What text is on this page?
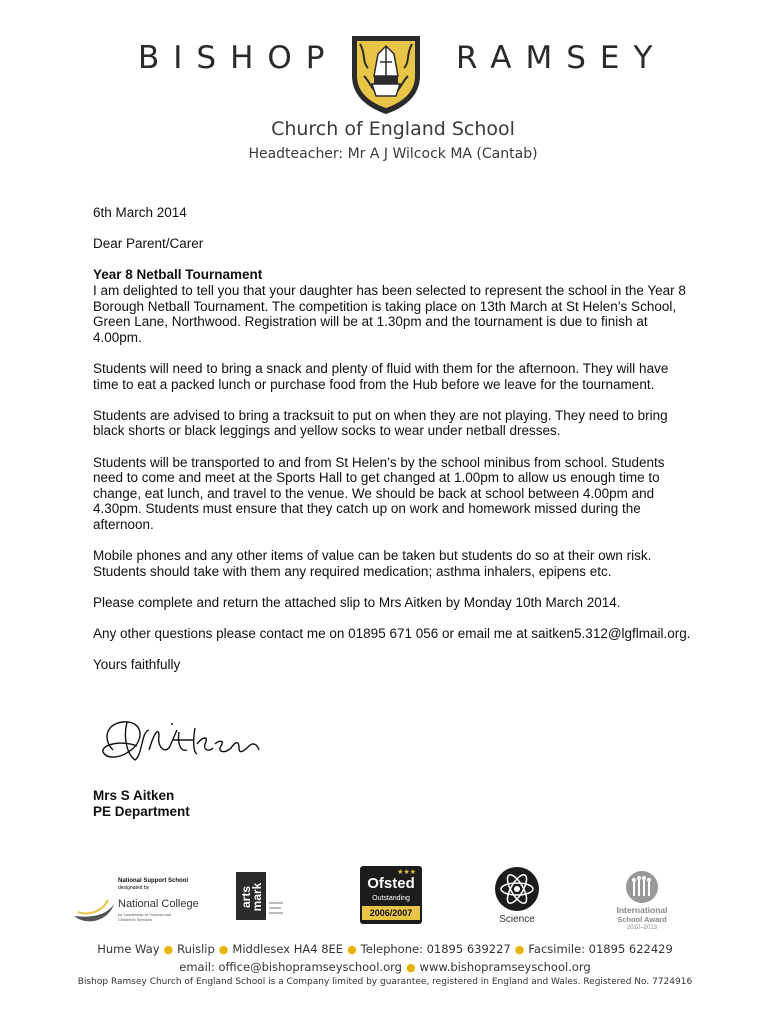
BISHOP	RAMSEY
Church of England School
Headteacher: Mr A J Wilcock MA (Cantab)

6th March 2014

Dear Parent/Carer

Year 8 Netball Tournament

I am delighted to tell you that your daughter has been selected to represent the school in the Year 8 Borough Netball Tournament. The competition is taking place on 13th March at St Helen’s School, Green Lane, Northwood. Registration will be at 1.30pm and the tournament is due to finish at 4.00pm.

Students will need to bring a snack and plenty of fluid with them for the afternoon. They will have time to eat a packed lunch or purchase food from the Hub before we leave for the tournament.

Students are advised to bring a tracksuit to put on when they are not playing. They need to bring black shorts or black leggings and yellow socks to wear under netball dresses.

Students will be transported to and from St Helen’s by the school minibus from school. Students need to come and meet at the Sports Hall to get changed at 1.00pm to allow us enough time to change, eat lunch, and travel to the venue. We should be back at school between 4.00pm and 4.30pm. Students must ensure that they catch up on work and homework missed during the afternoon.

Mobile phones and any other items of value can be taken but students do so at their own risk. Students should take with them any required medication; asthma inhalers, epipens etc.

Please complete and return the attached slip to Mrs Aitken by Monday 10th March 2014.

Any other questions please contact me on 01895 671 056 or email me at saitken5.312@lgflmail.org.

Yours faithfully

Mrs S Aitken
PE Department
National Support School
designated by
National College
for Leadership of Schools and Children's Services
arts
mark
★★★
Ofsted
Outstanding
2006/2007
Science
International
School Award
2010–2013
Hume Way ● Ruislip ● Middlesex HA4 8EE ● Telephone: 01895 639227 ● Facsimile: 01895 622429
email: office@bishopramseyschool.org ● www.bishopramseyschool.org
Bishop Ramsey Church of England School is a Company limited by guarantee, registered in England and Wales. Registered No. 7724916
